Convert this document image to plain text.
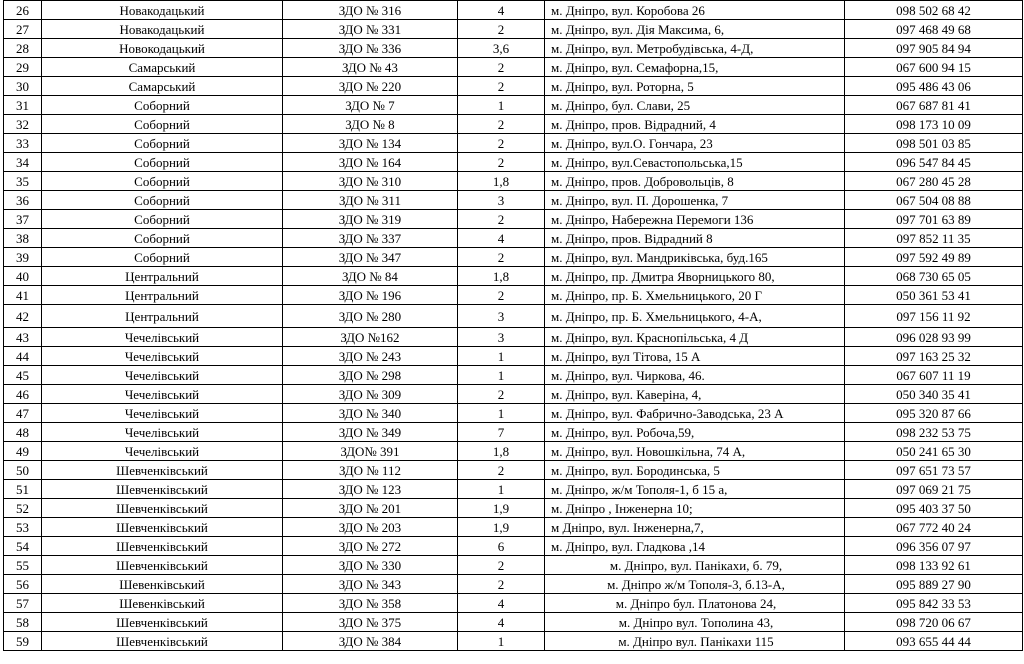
26	Новакодацький	ЗДО № 316	4	м. Дніпро, вул. Коробова 26	098 502 68 42
27	Новакодацький	ЗДО № 331	2	м. Дніпро, вул. Дія Максима, 6,	097 468 49 68
28	Новокодацький	ЗДО № 336	3,6	м. Дніпро, вул. Метробудівська, 4-Д,	097 905 84 94
29	Самарський	ЗДО № 43	2	м. Дніпро, вул. Семафорна,15,	067 600 94 15
30	Самарський	ЗДО № 220	2	м. Дніпро, вул. Роторна, 5	095 486 43 06
31	Соборний	ЗДО № 7	1	м. Дніпро, бул. Слави, 25	067 687 81 41
32	Соборний	ЗДО № 8	2	м. Дніпро, пров. Відрадний, 4	098 173 10 09
33	Соборний	ЗДО № 134	2	м. Дніпро, вул.О. Гончара, 23	098 501 03 85
34	Соборний	ЗДО № 164	2	м. Дніпро, вул.Севастопольська,15	096 547 84 45
35	Соборний	ЗДО № 310	1,8	м. Дніпро, пров. Добровольців, 8	067 280 45 28
36	Соборний	ЗДО № 311	3	м. Дніпро, вул. П. Дорошенка, 7	067 504 08 88
37	Соборний	ЗДО № 319	2	м. Дніпро, Набережна Перемоги 136	097 701 63 89
38	Соборний	ЗДО № 337	4	м. Дніпро, пров. Відрадний 8	097 852 11 35
39	Соборний	ЗДО № 347	2	м. Дніпро, вул. Мандриківська, буд.165	097 592 49 89
40	Центральний	ЗДО № 84	1,8	м. Дніпро, пр. Дмитра Яворницького 80,	068 730 65 05
41	Центральний	ЗДО № 196	2	м. Дніпро, пр. Б. Хмельницького, 20 Г	050 361 53 41
42	Центральний	ЗДО № 280	3	м. Дніпро, пр. Б. Хмельницького, 4-А,	097 156 11 92
43	Чечелівський	ЗДО №162	3	м. Дніпро, вул. Краснопільська, 4 Д	096 028 93 99
44	Чечелівський	ЗДО № 243	1	м. Дніпро, вул Тітова, 15 А	097 163 25 32
45	Чечелівський	ЗДО № 298	1	м. Дніпро, вул. Чиркова, 46.	067 607 11 19
46	Чечелівський	ЗДО № 309	2	м. Дніпро, вул. Каверіна, 4,	050 340 35 41
47	Чечелівський	ЗДО № 340	1	м. Дніпро, вул. Фабрично-Заводська, 23 А	095 320 87 66
48	Чечелівський	ЗДО № 349	7	м. Дніпро, вул. Робоча,59,	098 232 53 75
49	Чечелівський	ЗДО№ 391	1,8	м. Дніпро, вул. Новошкільна, 74 А,	050 241 65 30
50	Шевченківський	ЗДО № 112	2	м. Дніпро, вул. Бородинська, 5	097 651 73 57
51	Шевченківський	ЗДО № 123	1	м. Дніпро, ж/м Тополя-1, б 15 а,	097 069 21 75
52	Шевченківський	ЗДО № 201	1,9	м. Дніпро , Інженерна 10;	095 403 37 50
53	Шевченківський	ЗДО № 203	1,9	м Дніпро, вул. Інженерна,7,	067 772 40 24
54	Шевченківський	ЗДО № 272	6	м. Дніпро, вул. Гладкова ,14	096 356 07 97
55	Шевченківський	ЗДО № 330	2	м. Дніпро, вул. Панікахи, б. 79,	098 133 92 61
56	Шевенківський	ЗДО № 343	2	м. Дніпро ж/м Тополя-3, б.13-А,	095 889 27 90
57	Шевенківський	ЗДО № 358	4	м. Дніпро бул. Платонова 24,	095 842 33 53
58	Шевченківський	ЗДО № 375	4	м. Дніпро вул. Тополина 43,	098 720 06 67
59	Шевченківський	ЗДО № 384	1	м. Дніпро вул. Панікахи 115	093 655 44 44
